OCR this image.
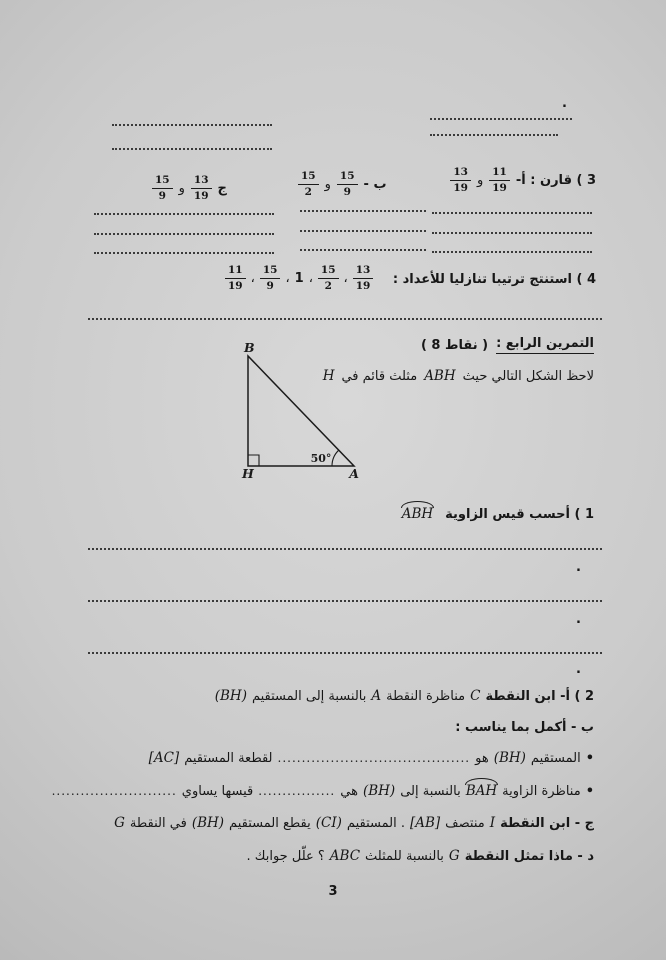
.
3 ) قارن : أ-
$\frac{11}{19}$
و
$\frac{13}{19}$
ب -
$\frac{15}{9}$
و
$\frac{15}{2}$
ج
$\frac{13}{19}$
و
$\frac{15}{9}$
4 ) استنتج ترتيبا تنازليا للأعداد :
$\frac{13}{19}$
،
$\frac{15}{2}$
،
1
،
$\frac{15}{9}$
،
$\frac{11}{19}$
التمرين الرابع :
( 8 نقاط )
لاحظ الشكل التالي حيث
ABH
مثلث قائم في
H
B
H	A
50°
1 ) أحسب قيس الزاوية
ABH
.
.
.
2 ) أ- ابن النقطة
C
مناظرة النقطة
A
بالنسبة إلى المستقيم
(BH)
ب - أكمل بما يناسب :
•
المستقيم
(BH)
هو
........................................
لقطعة المستقيم
[AC]
•
مناظرة الزاوية
BAH
بالنسبة إلى
(BH)
هي
................
قيسها يساوي
..........................
ج - ابن النقطة
I
منتصف
[AB]
. المستقيم
(CI)
يقطع المستقيم
(BH)
في النقطة
G
د - ماذا تمثل النقطة
G
بالنسبة للمثلث
ABC
؟ علّل جوابك .
3
